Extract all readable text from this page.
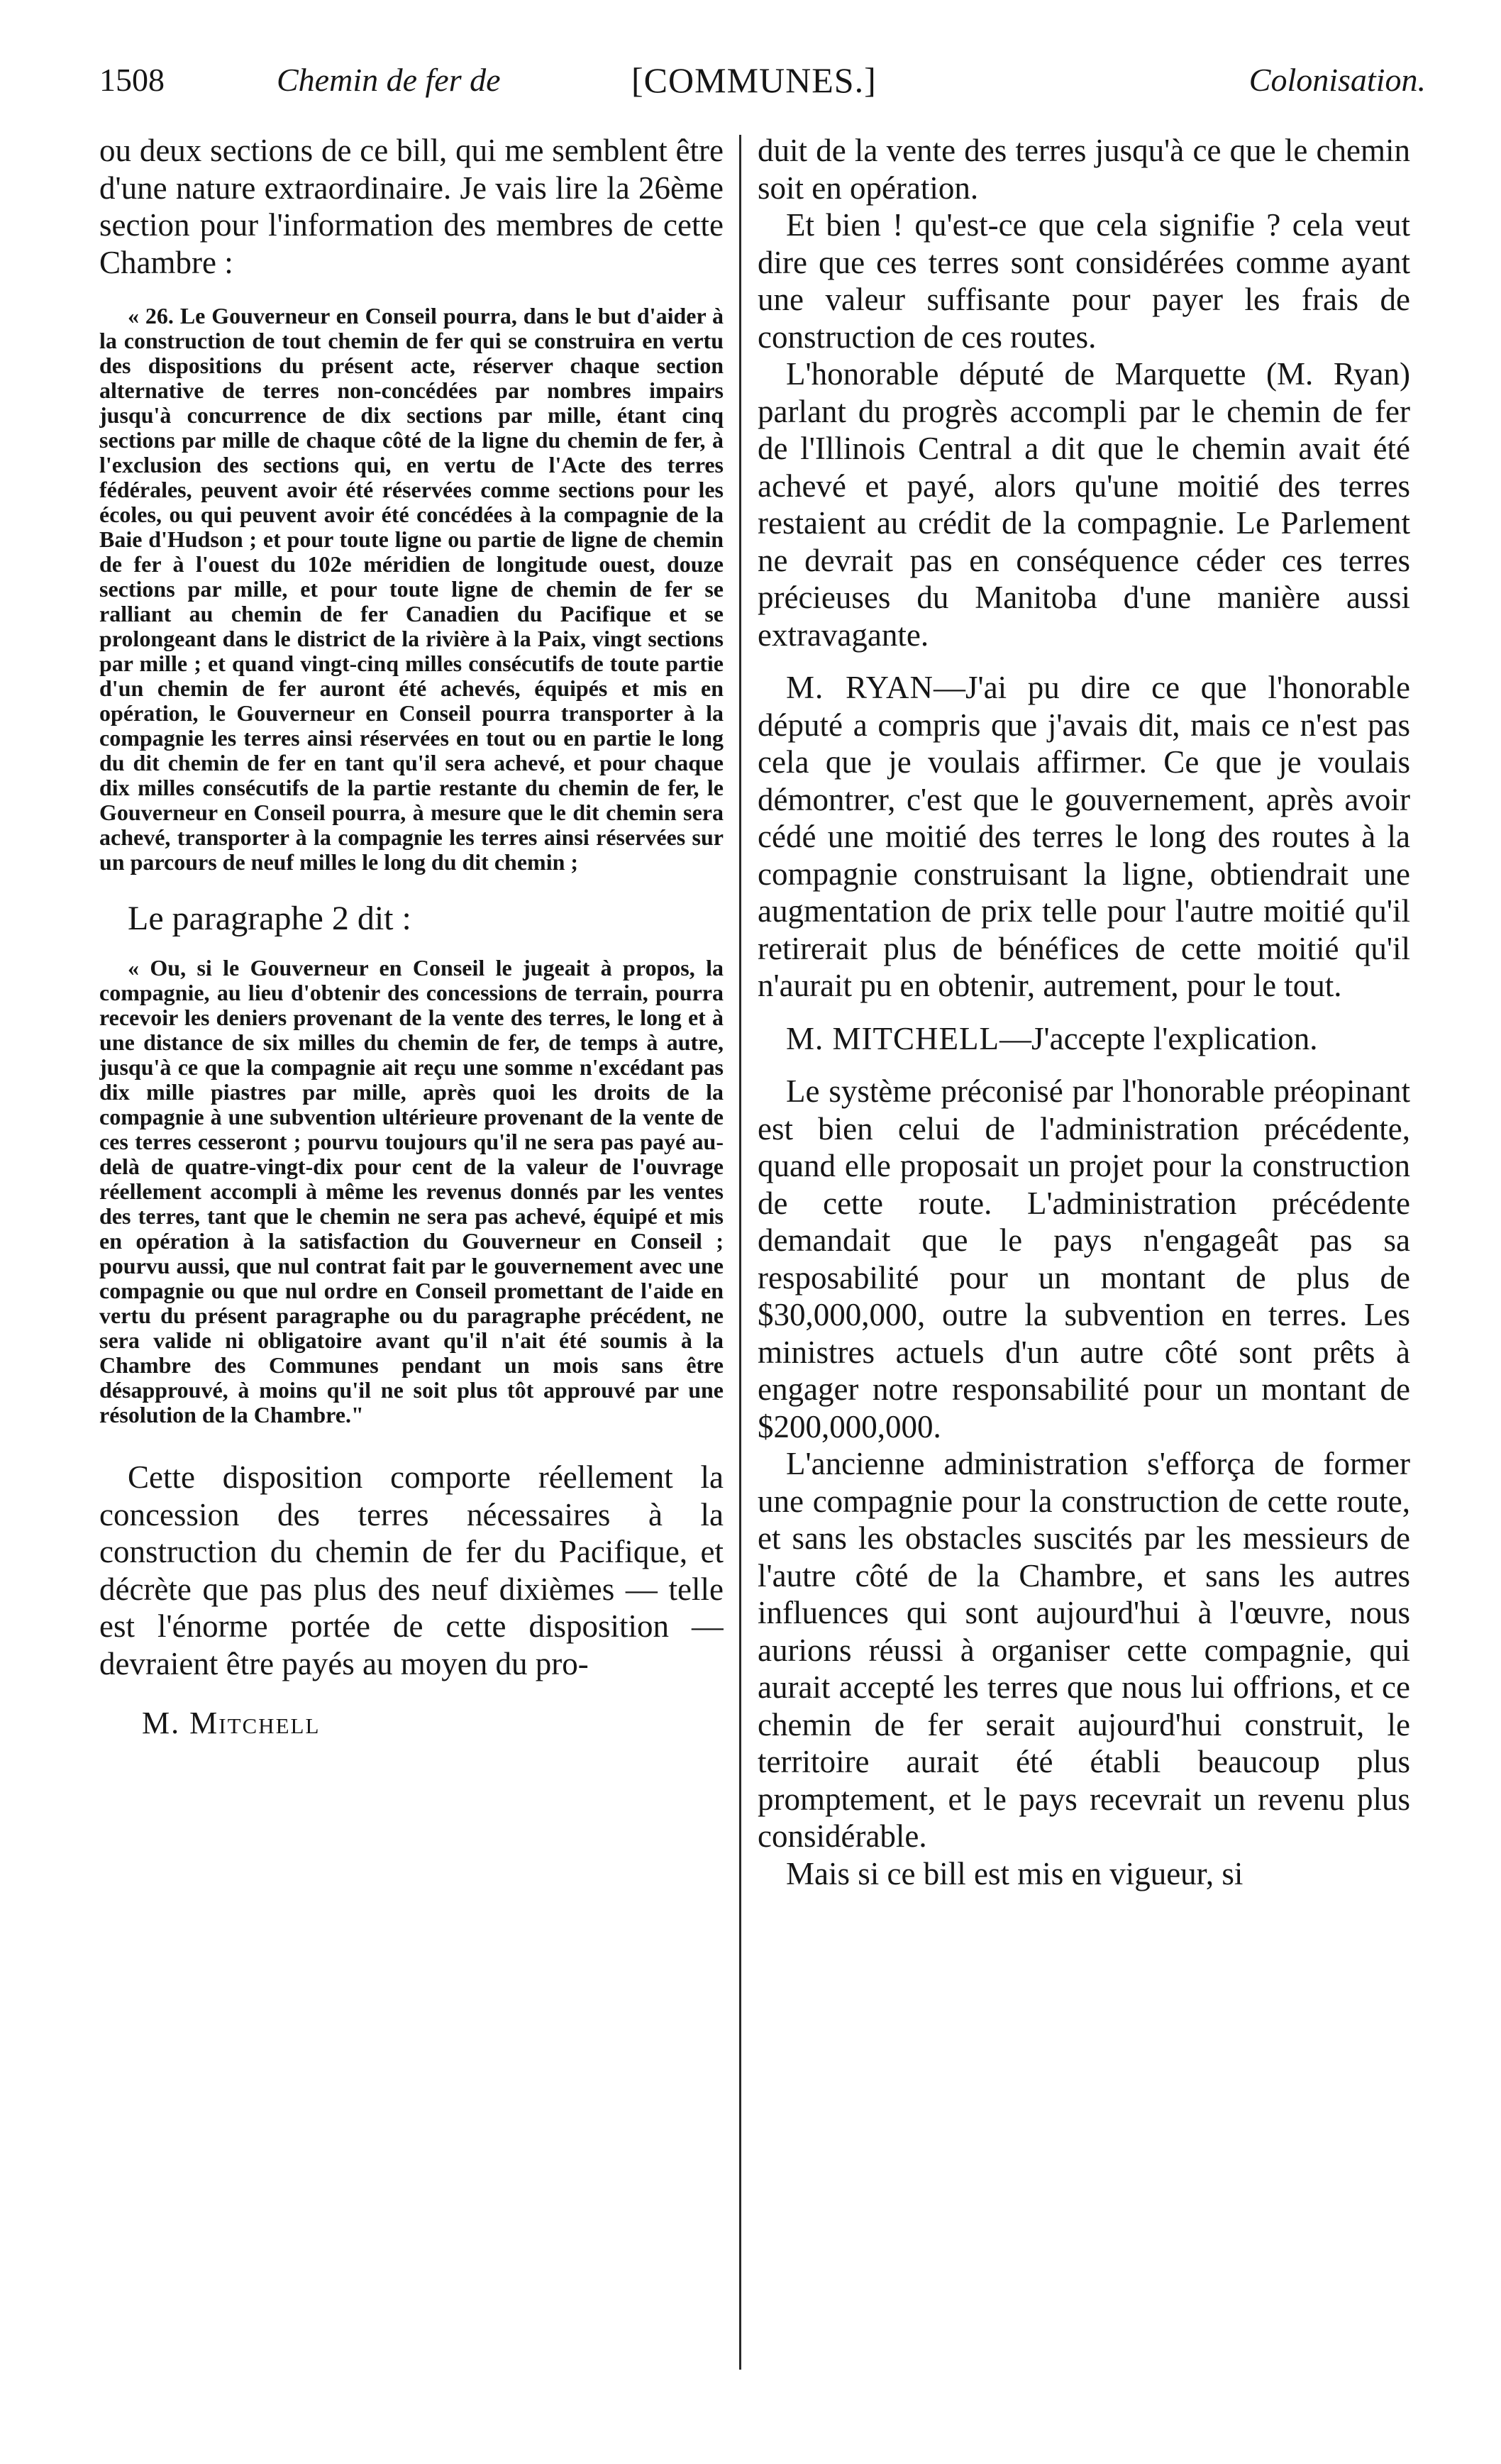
1508	Chemin de fer de	[COMMUNES.]	Colonisation.

ou deux sections de ce bill, qui me semblent être d'une nature extraordinaire. Je vais lire la 26ème section pour l'information des membres de cette Chambre :

« 26. Le Gouverneur en Conseil pourra, dans le but d'aider à la construction de tout chemin de fer qui se construira en vertu des dispositions du présent acte, réserver chaque section alternative de terres non-concédées par nombres impairs jusqu'à concurrence de dix sections par mille, étant cinq sections par mille de chaque côté de la ligne du chemin de fer, à l'exclusion des sections qui, en vertu de l'Acte des terres fédérales, peuvent avoir été réservées comme sections pour les écoles, ou qui peuvent avoir été concédées à la compagnie de la Baie d'Hudson ; et pour toute ligne ou partie de ligne de chemin de fer à l'ouest du 102e méridien de longitude ouest, douze sections par mille, et pour toute ligne de chemin de fer se ralliant au chemin de fer Canadien du Pacifique et se prolongeant dans le district de la rivière à la Paix, vingt sections par mille ; et quand vingt-cinq milles consécutifs de toute partie d'un chemin de fer auront été achevés, équipés et mis en opération, le Gouverneur en Conseil pourra transporter à la compagnie les terres ainsi réservées en tout ou en partie le long du dit chemin de fer en tant qu'il sera achevé, et pour chaque dix milles consécutifs de la partie restante du chemin de fer, le Gouverneur en Conseil pourra, à mesure que le dit chemin sera achevé, transporter à la compagnie les terres ainsi réservées sur un parcours de neuf milles le long du dit chemin ;

Le paragraphe 2 dit :

« Ou, si le Gouverneur en Conseil le jugeait à propos, la compagnie, au lieu d'obtenir des concessions de terrain, pourra recevoir les deniers provenant de la vente des terres, le long et à une distance de six milles du chemin de fer, de temps à autre, jusqu'à ce que la compagnie ait reçu une somme n'excédant pas dix mille piastres par mille, après quoi les droits de la compagnie à une subvention ultérieure provenant de la vente de ces terres cesseront ; pourvu toujours qu'il ne sera pas payé au-delà de quatre-vingt-dix pour cent de la valeur de l'ouvrage réellement accompli à même les revenus donnés par les ventes des terres, tant que le chemin ne sera pas achevé, équipé et mis en opération à la satisfaction du Gouverneur en Conseil ; pourvu aussi, que nul contrat fait par le gouvernement avec une compagnie ou que nul ordre en Conseil promettant de l'aide en vertu du présent paragraphe ou du paragraphe précédent, ne sera valide ni obligatoire avant qu'il n'ait été soumis à la Chambre des Communes pendant un mois sans être désapprouvé, à moins qu'il ne soit plus tôt approuvé par une résolution de la Chambre."

Cette disposition comporte réellement la concession des terres nécessaires à la construction du chemin de fer du Pacifique, et décrète que pas plus des neuf dixièmes — telle est l'énorme portée de cette disposition — devraient être payés au moyen du pro-

M. Mitchell

duit de la vente des terres jusqu'à ce que le chemin soit en opération.

Et bien ! qu'est-ce que cela signifie ? cela veut dire que ces terres sont considérées comme ayant une valeur suffisante pour payer les frais de construction de ces routes.

L'honorable député de Marquette (M. Ryan) parlant du progrès accompli par le chemin de fer de l'Illinois Central a dit que le chemin avait été achevé et payé, alors qu'une moitié des terres restaient au crédit de la compagnie. Le Parlement ne devrait pas en conséquence céder ces terres précieuses du Manitoba d'une manière aussi extravagante.

M. RYAN—J'ai pu dire ce que l'honorable député a compris que j'avais dit, mais ce n'est pas cela que je voulais affirmer. Ce que je voulais démontrer, c'est que le gouvernement, après avoir cédé une moitié des terres le long des routes à la compagnie construisant la ligne, obtiendrait une augmentation de prix telle pour l'autre moitié qu'il retirerait plus de bénéfices de cette moitié qu'il n'aurait pu en obtenir, autrement, pour le tout.

M. MITCHELL—J'accepte l'explication.

Le système préconisé par l'honorable préopinant est bien celui de l'administration précédente, quand elle proposait un projet pour la construction de cette route. L'administration précédente demandait que le pays n'engageât pas sa resposabilité pour un montant de plus de $30,000,000, outre la subvention en terres. Les ministres actuels d'un autre côté sont prêts à engager notre responsabilité pour un montant de $200,000,000.

L'ancienne administration s'efforça de former une compagnie pour la construction de cette route, et sans les obstacles suscités par les messieurs de l'autre côté de la Chambre, et sans les autres influences qui sont aujourd'hui à l'œuvre, nous aurions réussi à organiser cette compagnie, qui aurait accepté les terres que nous lui offrions, et ce chemin de fer serait aujourd'hui construit, le territoire aurait été établi beaucoup plus promptement, et le pays recevrait un revenu plus considérable.

Mais si ce bill est mis en vigueur, si
